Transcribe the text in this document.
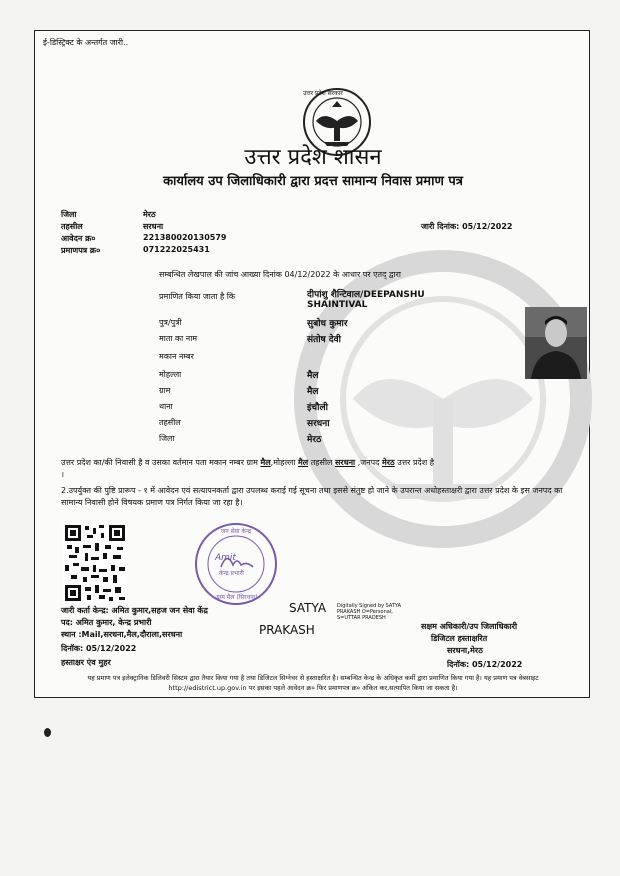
ई-डिस्ट्रिक्ट के अन्तर्गत जारी..
उत्तर प्रदेश सरकार
उत्तर प्रदेश शासन
कार्यालय उप जिलाधिकारी द्वारा प्रदत्त सामान्य निवास प्रमाण पत्र
जिला	मेरठ
तहसील	सरधना
आवेदन क्र०	221380020130579
प्रमाणपत्र क्र०	071222025431
जारी दिनांक: 05/12/2022
सम्बन्धित लेखपाल की जांच आख्या दिनांक 04/12/2022 के आधार पर एतद् द्वारा
प्रमाणित किया जाता है कि	दीपांशु शैन्टिवाल/DEEPANSHU
SHAINTIVAL
पुत्र/पुत्री	सुबोध कुमार
माता का नाम	संतोष देवी
मकान नम्बर
मोहल्ला	मैल
ग्राम	मैल
थाना	इंचौली
तहसील	सरधना
जिला	मेरठ
उत्तर प्रदेश का/की निवासी है व उसका वर्तमान पता मकान नम्बर ग्राम मैल,मोहल्ला मैल तहसील सरधना ,जनपद मेरठ उत्तर प्रदेश है
।
2.उपर्युक्त की पुष्टि प्रारूप - १ में आवेदन एवं सत्यापनकर्ता द्वारा उपलब्ध कराई गई सूचना तथा इससे संतुष्ट हो जाने के उपरान्त अधोहस्ताक्षरी द्वारा उत्तर प्रदेश के इस जनपद का सामान्य निवासी होने विषयक प्रमाण पत्र निर्गत किया जा रहा है।
जन सेवा केन्द्र
Amit
केन्द्र प्रभारी
ग्राम मैल (सिरधना)
जारी कर्ता केन्द्र: अमित कुमार,सहज जन सेवा केंद्र
पद: अमित कुमार, केन्द्र प्रभारी
स्थान :Mail,सरधना,मैल,दौराला,सरधना
दिनॉक: 05/12/2022
हस्ताक्षर एंव मुहर
SATYA
PRAKASH
Digitally Signed by SATYA
PRAKASH O=Personal,
S=UTTAR PRADESH
सक्षम अधिकारी/उप जिलाधिकारी
डिजिटल हस्ताक्षरित
सरधना,मेरठ
दिनॉक: 05/12/2022
यह प्रमाण पत्र इलेक्ट्रानिक डिलिवरी सिस्टम द्वारा तैयार किया गया है तथा डिजिटल सिग्नेचर से हस्ताक्षरित है। सम्बन्धित केन्द्र के अधिकृत कर्मी द्वारा प्रमाणित किया गया है। यह प्रमाण पत्र वेबसाइट http://edistrict.up.gov.in पर इसका पहले आवेदन क्र० फिर प्रमाणपत्र क्र० अंकित कर,सत्यापित किया जा सकता है।
